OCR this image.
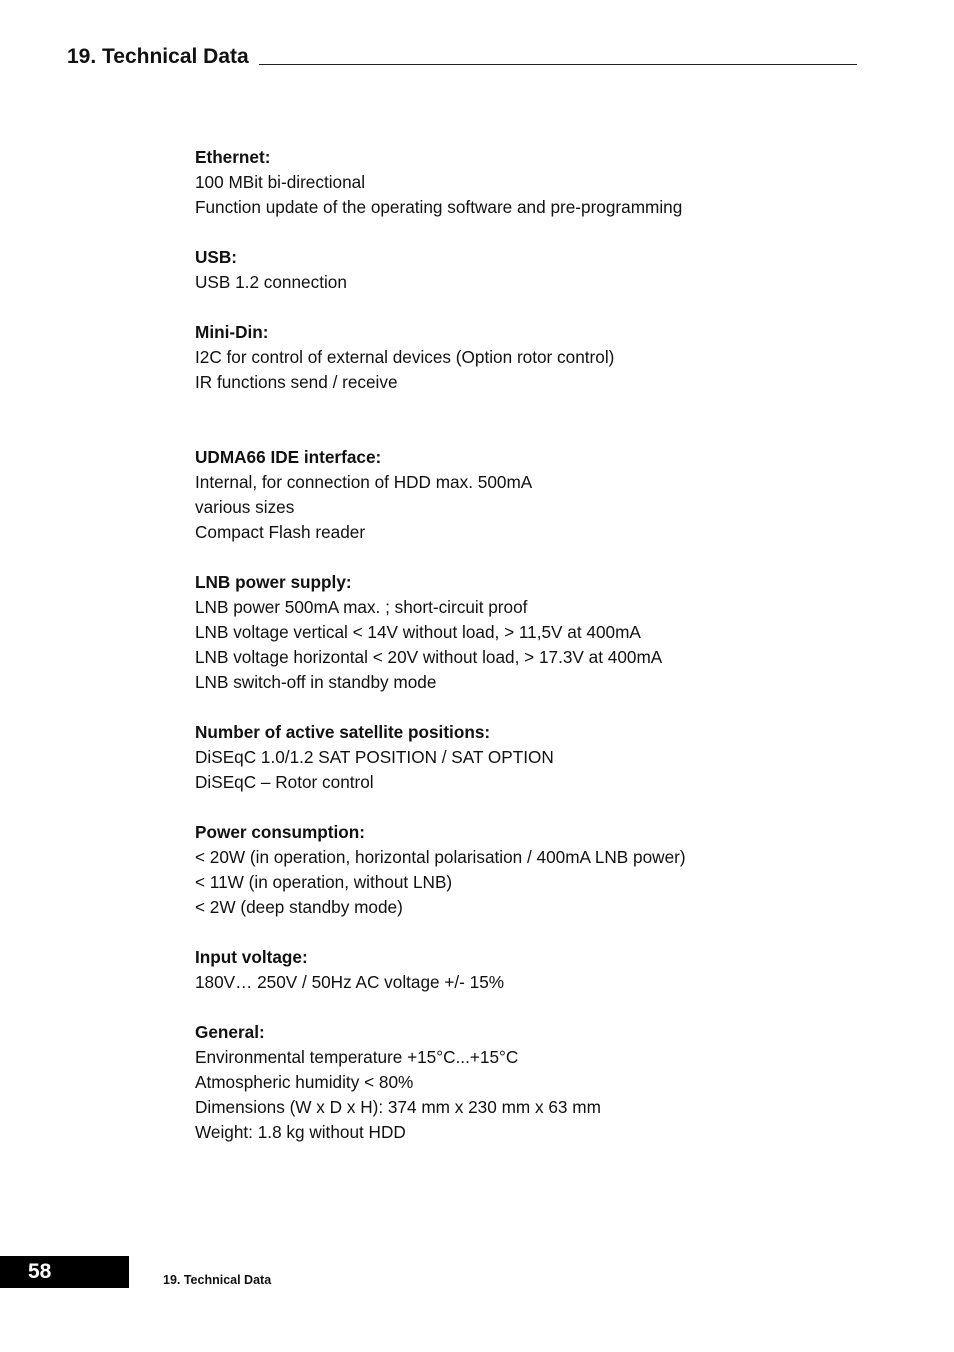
19. Technical Data
Ethernet:
100 MBit bi-directional
Function update of the operating software and pre-programming
USB:
USB 1.2 connection
Mini-Din:
I2C for control of external devices (Option rotor control)
IR functions send / receive
UDMA66 IDE interface:
Internal, for connection of HDD max. 500mA
various sizes
Compact Flash reader
LNB power supply:
LNB power 500mA max. ; short-circuit proof
LNB voltage vertical < 14V without load, > 11,5V at 400mA
LNB voltage horizontal < 20V without load, > 17.3V at 400mA
LNB switch-off in standby mode
Number of active satellite positions:
DiSEqC 1.0/1.2 SAT POSITION / SAT OPTION
DiSEqC – Rotor control
Power consumption:
< 20W (in operation, horizontal polarisation / 400mA LNB power)
< 11W (in operation, without LNB)
< 2W (deep standby mode)
Input voltage:
180V… 250V / 50Hz AC voltage +/- 15%
General:
Environmental temperature +15°C...+15°C
Atmospheric humidity < 80%
Dimensions (W x D x H): 374 mm x 230 mm x 63 mm
Weight: 1.8 kg without HDD
58	19. Technical Data
